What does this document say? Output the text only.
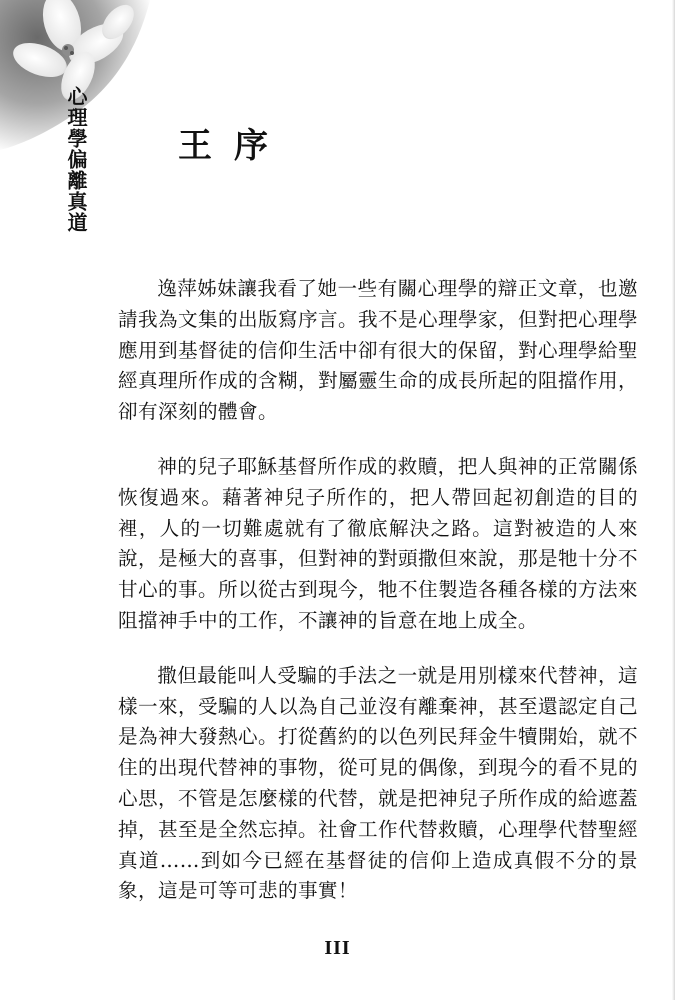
心理學偏離真道	王序

逸萍姊妹讓我看了她一些有關心理學的辯正文章，也邀請我為文集的出版寫序言。我不是心理學家，但對把心理學應用到基督徒的信仰生活中卻有很大的保留，對心理學給聖經真理所作成的含糊，對屬靈生命的成長所起的阻擋作用，卻有深刻的體會。

神的兒子耶穌基督所作成的救贖，把人與神的正常關係恢復過來。藉著神兒子所作的，把人帶回起初創造的目的裡，人的一切難處就有了徹底解決之路。這對被造的人來說，是極大的喜事，但對神的對頭撒但來說，那是牠十分不甘心的事。所以從古到現今，牠不住製造各種各樣的方法來阻擋神手中的工作，不讓神的旨意在地上成全。

撒但最能叫人受騙的手法之一就是用別樣來代替神，這樣一來，受騙的人以為自己並沒有離棄神，甚至還認定自己是為神大發熱心。打從舊約的以色列民拜金牛犢開始，就不住的出現代替神的事物，從可見的偶像，到現今的看不見的心思，不管是怎麼樣的代替，就是把神兒子所作成的給遮蓋掉，甚至是全然忘掉。社會工作代替救贖，心理學代替聖經真道……到如今已經在基督徒的信仰上造成真假不分的景象，這是可等可悲的事實！

III
